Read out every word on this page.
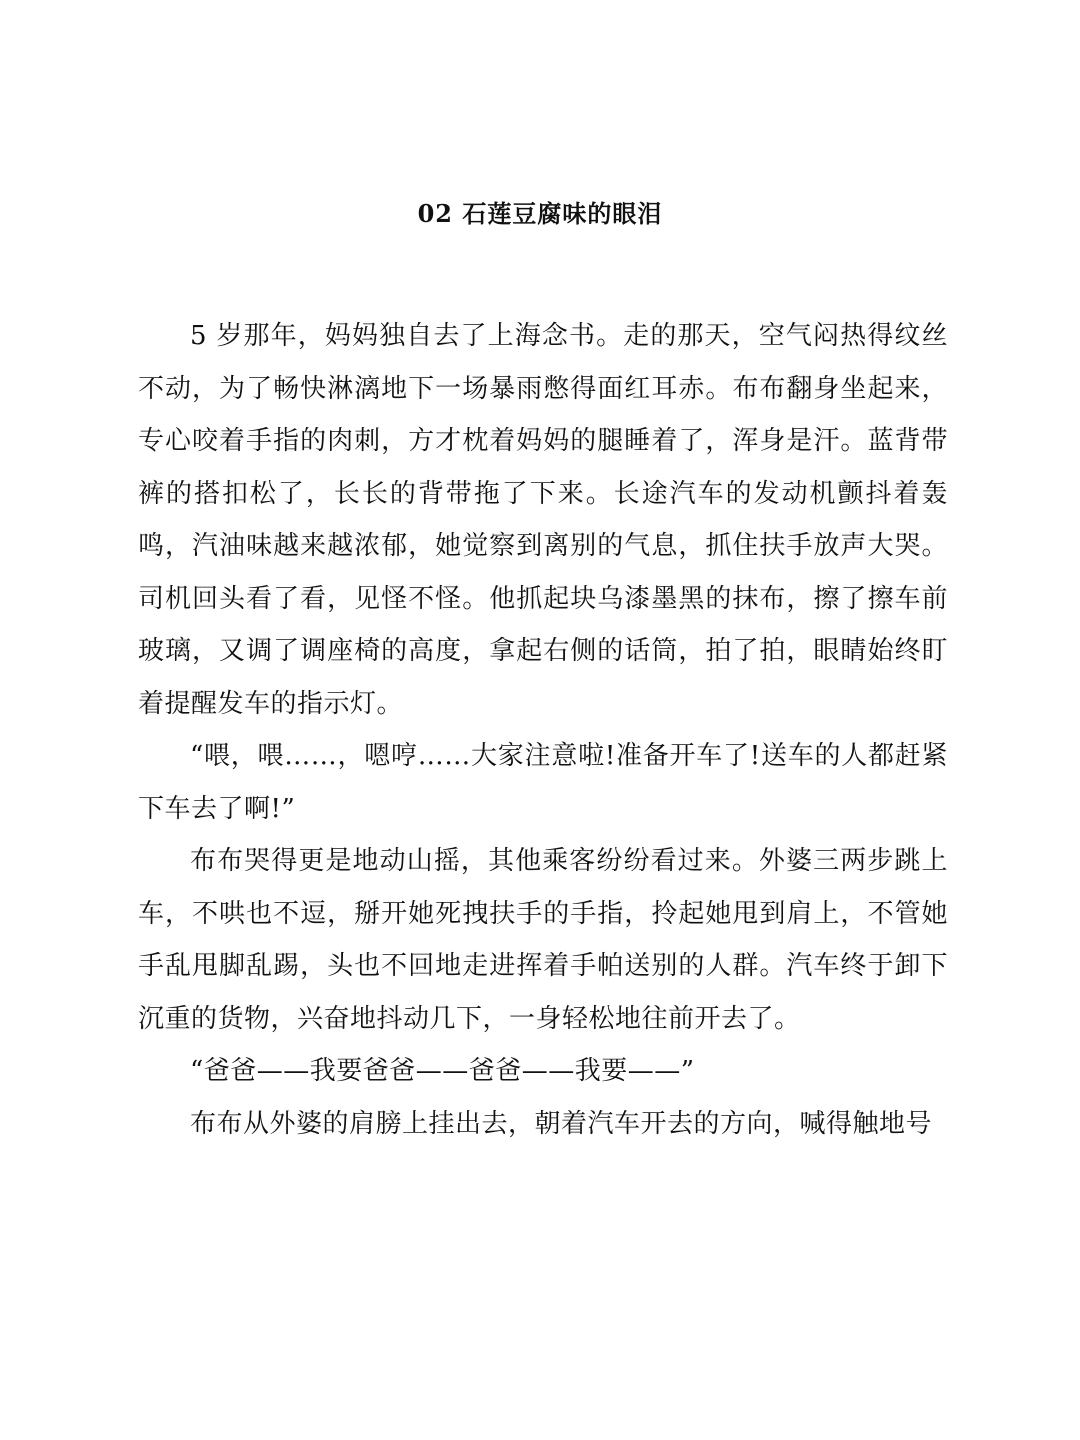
02 石莲豆腐味的眼泪

5 岁那年，妈妈独自去了上海念书。走的那天，空气闷热得纹丝不动，为了畅快淋漓地下一场暴雨憋得面红耳赤。布布翻身坐起来，专心咬着手指的肉刺，方才枕着妈妈的腿睡着了，浑身是汗。蓝背带裤的搭扣松了，长长的背带拖了下来。长途汽车的发动机颤抖着轰鸣，汽油味越来越浓郁，她觉察到离别的气息，抓住扶手放声大哭。司机回头看了看，见怪不怪。他抓起块乌漆墨黑的抹布，擦了擦车前玻璃，又调了调座椅的高度，拿起右侧的话筒，拍了拍，眼睛始终盯着提醒发车的指示灯。

“喂，喂……，嗯哼……大家注意啦!准备开车了!送车的人都赶紧下车去了啊!”

布布哭得更是地动山摇，其他乘客纷纷看过来。外婆三两步跳上车，不哄也不逗，掰开她死拽扶手的手指，拎起她甩到肩上，不管她手乱甩脚乱踢，头也不回地走进挥着手帕送别的人群。汽车终于卸下沉重的货物，兴奋地抖动几下，一身轻松地往前开去了。

“爸爸——我要爸爸——爸爸——我要——”

布布从外婆的肩膀上挂出去，朝着汽车开去的方向，喊得触地号
